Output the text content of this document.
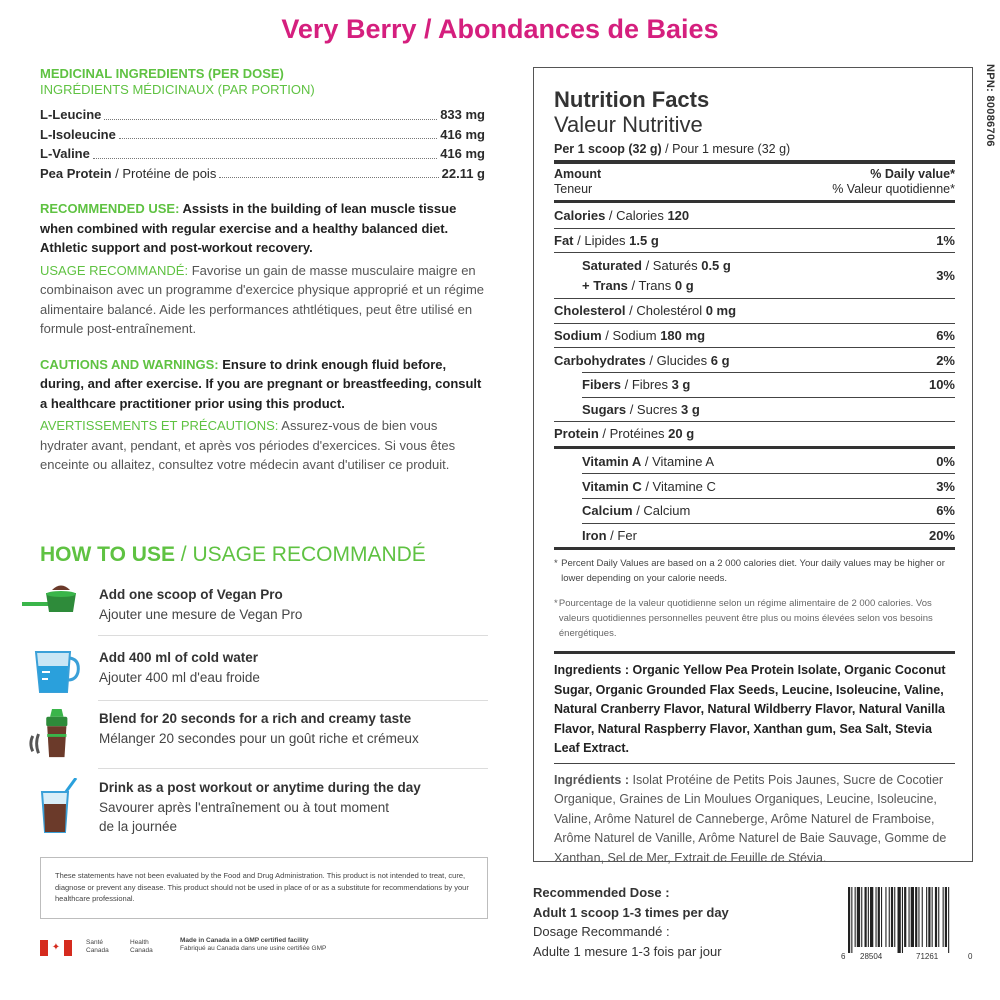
Very Berry / Abondances de Baies
MEDICINAL INGREDIENTS (PER DOSE)
INGRÉDIENTS MÉDICINAUX (PAR PORTION)
L-Leucine	833 mg
L-Isoleucine	416 mg
L-Valine	416 mg
Pea Protein / Protéine de pois	22.11 g
RECOMMENDED USE: Assists in the building of lean muscle tissue when combined with regular exercise and a healthy balanced diet. Athletic support and post-workout recovery.
USAGE RECOMMANDÉ: Favorise un gain de masse musculaire maigre en combinaison avec un programme d'exercice physique approprié et un régime alimentaire balancé. Aide les performances athtlétiques, peut être utilisé en formule post-entraînement.
CAUTIONS AND WARNINGS: Ensure to drink enough fluid before, during, and after exercise. If you are pregnant or breastfeeding, consult a healthcare practitioner prior using this product.
AVERTISSEMENTS ET PRÉCAUTIONS: Assurez-vous de bien vous hydrater avant, pendant, et après vos périodes d'exercices. Si vous êtes enceinte ou allaitez, consultez votre médecin avant d'utiliser ce produit.
HOW TO USE / USAGE RECOMMANDÉ
Add one scoop of Vegan Pro
Ajouter une mesure de Vegan Pro
Add 400 ml of cold water
Ajouter 400 ml d'eau froide
Blend for 20 seconds for a rich and creamy taste
Mélanger 20 secondes pour un goût riche et crémeux
Drink as a post workout or anytime during the day
Savourer après l'entraînement ou à tout moment
de la journée
These statements have not been evaluated by the Food and Drug Administration. This product is not intended to treat, cure, diagnose or prevent any disease. This product should not be used in place of or as a substitute for recommendations by your healthcare professional.
✦	Santé
Canada
Health
Canada
Made in Canada in a GMP certified facility
Fabriqué au Canada dans une usine certifiée GMP
Nutrition Facts
Valeur Nutritive
Per 1 scoop (32 g) / Pour 1 mesure (32 g)
Amount
Teneur
% Daily value*
% Valeur quotidienne*
Calories / Calories 120
Fat / Lipides 1.5 g	1%
Saturated / Saturés 0.5 g
+ Trans / Trans 0 g
3%
Cholesterol / Cholestérol 0 mg
Sodium / Sodium 180 mg	6%
Carbohydrates / Glucides 6 g	2%
Fibers / Fibres 3 g	10%
Sugars / Sucres 3 g
Protein / Protéines 20 g
Vitamin A / Vitamine A	0%
Vitamin C / Vitamine C	3%
Calcium / Calcium	6%
Iron / Fer	20%
* Percent Daily Values are based on a 2 000 calories diet. Your daily values may be higher or lower depending on your calorie needs.
* Pourcentage de la valeur quotidienne selon un régime alimentaire de 2 000 calories. Vos valeurs quotidiennes personnelles peuvent être plus ou moins élevées selon vos besoins énergétiques.
Ingredients : Organic Yellow Pea Protein Isolate, Organic Coconut Sugar, Organic Grounded Flax Seeds, Leucine, Isoleucine, Valine, Natural Cranberry Flavor, Natural Wildberry Flavor, Natural Vanilla Flavor, Natural Raspberry Flavor, Xanthan gum, Sea Salt, Stevia Leaf Extract.
Ingrédients : Isolat Protéine de Petits Pois Jaunes, Sucre de Cocotier Organique, Graines de Lin Moulues Organiques, Leucine, Isoleucine, Valine, Arôme Naturel de Canneberge, Arôme Naturel de Framboise, Arôme Naturel de Vanille, Arôme Naturel de Baie Sauvage, Gomme de Xanthan, Sel de Mer, Extrait de Feuille de Stévia.
NPN: 80086706
Recommended Dose :
Adult 1 scoop 1-3 times per day
Dosage Recommandé :
Adulte 1 mesure 1-3 fois par jour	6 28504	71261	0
